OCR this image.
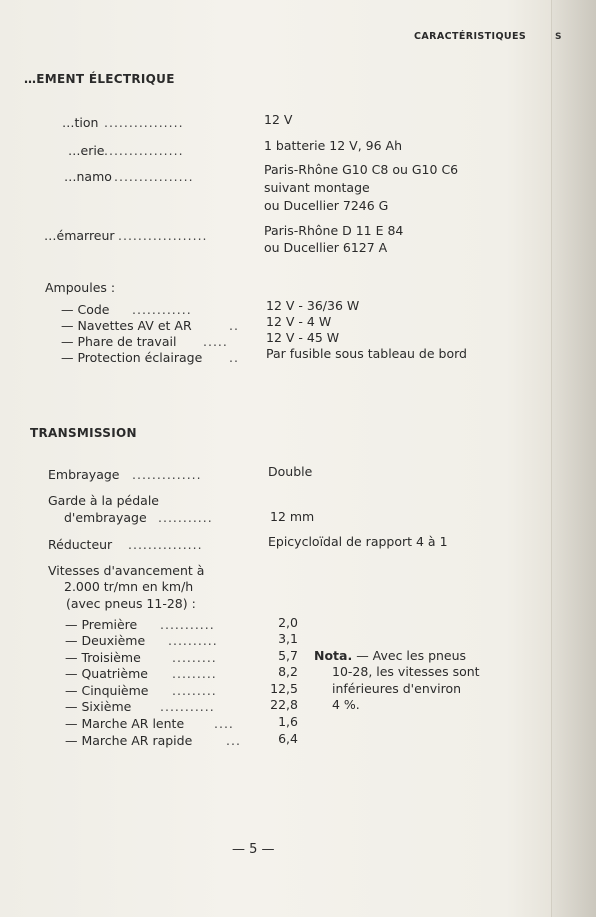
S
CARACTÉRISTIQUES
…EMENT ÉLECTRIQUE
…tion ................	12 V
…erie ................	1 batterie 12 V, 96 Ah
…namo ................	Paris-Rhône G10 C8 ou G10 C6
suivant montage
ou Ducellier 7246 G
…émarreur ..................	Paris-Rhône D 11 E 84
ou Ducellier 6127 A
Ampoules :
— Code ............	12 V - 36/36 W
— Navettes AV et AR	.. 12 V - 4 W
— Phare de travail .....	12 V - 45 W
— Protection éclairage .. Par fusible sous tableau de bord
TRANSMISSION
Embrayage ..............	Double
Garde à la pédale
d'embrayage ...........	12 mm
Réducteur ...............	Epicycloïdal de rapport 4 à 1
Vitesses d'avancement à
2.000 tr/mn en km/h
(avec pneus 11-28) :
— Première ...........	2,0
— Deuxième ..........	3,1
— Troisième .........	5,7
— Quatrième .........	8,2
— Cinquième .........	12,5
— Sixième ...........	22,8
— Marche AR lente ....	1,6
— Marche AR rapide	...	6,4
Nota. — Avec les pneus
10-28, les vitesses sont
inférieures d'environ
4 %.
— 5 —
